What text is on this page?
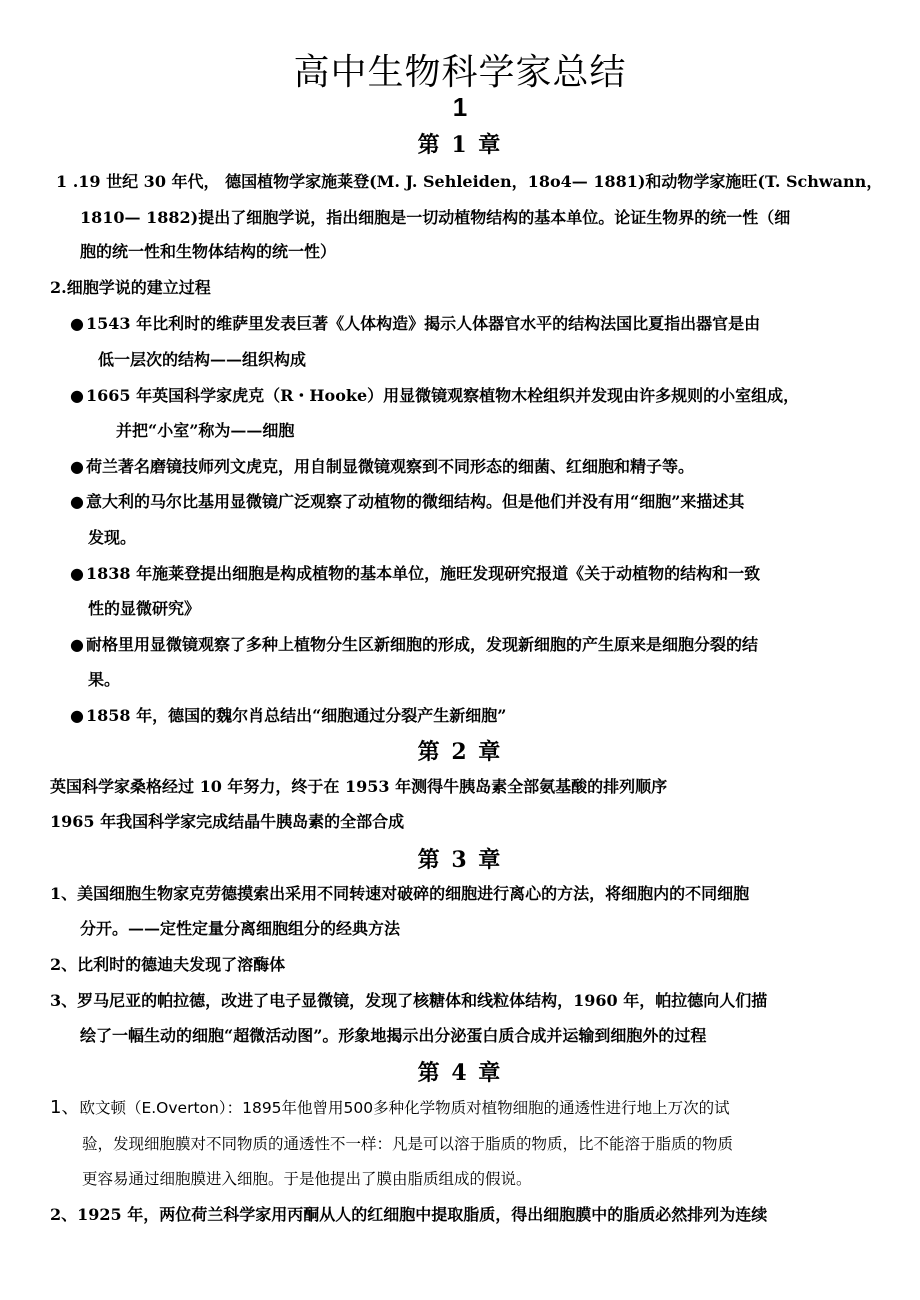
高中生物科学家总结
1
第 1 章
1 .19 世纪 30 年代， 德国植物学家施莱登(M. J. Sehleiden，18o4— 1881)和动物学家施旺(T. Schwann，
1810— 1882)提出了细胞学说，指出细胞是一切动植物结构的基本单位。论证生物界的统一性（细
胞的统一性和生物体结构的统一性）
2.细胞学说的建立过程
● 1543 年比利时的维萨里发表巨著《人体构造》揭示人体器官水平的结构法国比夏指出器官是由
低一层次的结构——组织构成
● 1665 年英国科学家虎克（R・Hooke）用显微镜观察植物木栓组织并发现由许多规则的小室组成，
并把“小室”称为——细胞
● 荷兰著名磨镜技师列文虎克，用自制显微镜观察到不同形态的细菌、红细胞和精子等。
● 意大利的马尔比基用显微镜广泛观察了动植物的微细结构。但是他们并没有用“细胞”来描述其
发现。
● 1838 年施莱登提出细胞是构成植物的基本单位，施旺发现研究报道《关于动植物的结构和一致
性的显微研究》
● 耐格里用显微镜观察了多种上植物分生区新细胞的形成，发现新细胞的产生原来是细胞分裂的结
果。
● 1858 年，德国的魏尔肖总结出“细胞通过分裂产生新细胞”
第 2 章
英国科学家桑格经过 10 年努力，终于在 1953 年测得牛胰岛素全部氨基酸的排列顺序
1965 年我国科学家完成结晶牛胰岛素的全部合成
第 3 章
1、美国细胞生物家克劳德摸索出采用不同转速对破碎的细胞进行离心的方法，将细胞内的不同细胞
分开。——定性定量分离细胞组分的经典方法
2、比利时的德迪夫发现了溶酶体
3、罗马尼亚的帕拉德，改进了电子显微镜，发现了核糖体和线粒体结构，1960 年，帕拉德向人们描
绘了一幅生动的细胞“超微活动图”。形象地揭示出分泌蛋白质合成并运输到细胞外的过程
第 4 章
1、欧文顿（E.Overton）：1895年他曾用500多种化学物质对植物细胞的通透性进行地上万次的试
验，发现细胞膜对不同物质的通透性不一样：凡是可以溶于脂质的物质，比不能溶于脂质的物质
更容易通过细胞膜进入细胞。于是他提出了膜由脂质组成的假说。
2、1925 年，两位荷兰科学家用丙酮从人的红细胞中提取脂质，得出细胞膜中的脂质必然排列为连续
